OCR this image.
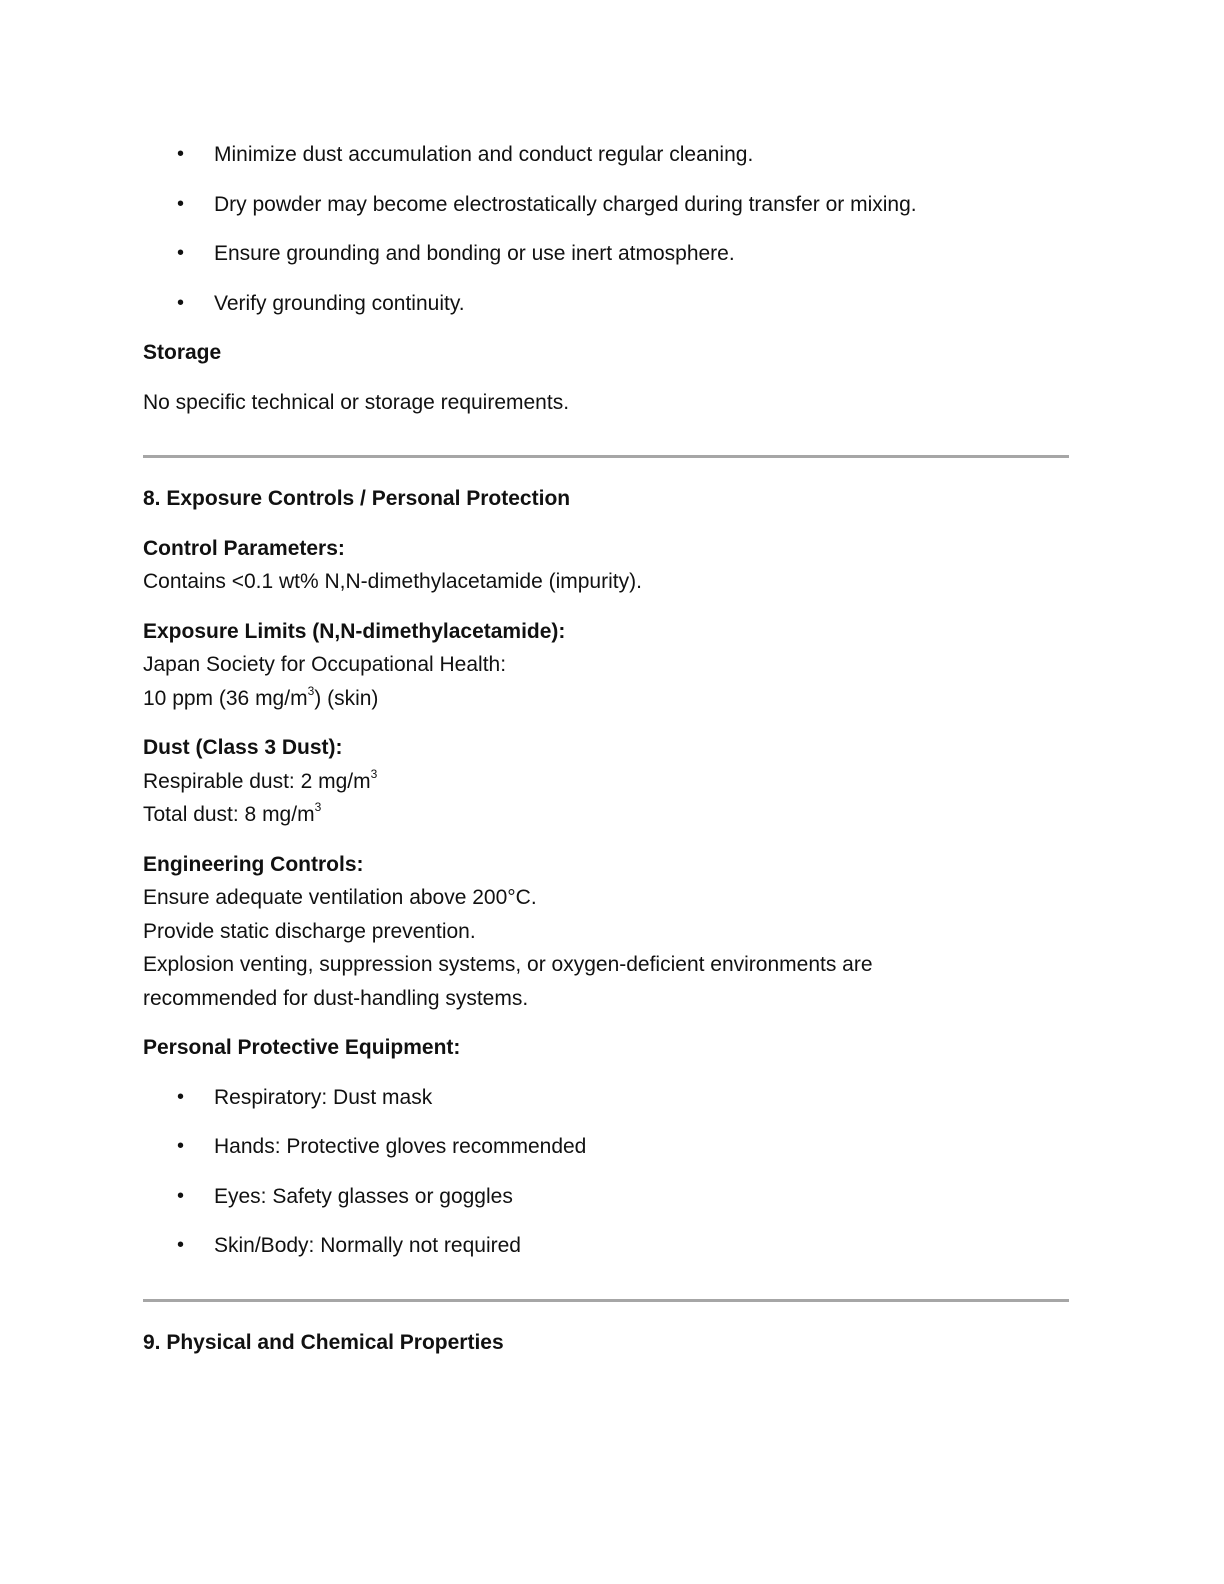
• Minimize dust accumulation and conduct regular cleaning.
• Dry powder may become electrostatically charged during transfer or mixing.
• Ensure grounding and bonding or use inert atmosphere.
• Verify grounding continuity.

Storage

No specific technical or storage requirements.

8. Exposure Controls / Personal Protection

Control Parameters:

Contains <0.1 wt% N,N-dimethylacetamide (impurity).

Exposure Limits (N,N-dimethylacetamide):

Japan Society for Occupational Health:

10 ppm (36 $mg/m^3$) (skin)

Dust (Class 3 Dust):

Respirable dust: 2 $mg/m^3$

Total dust: 8 $mg/m^3$

Engineering Controls:

Ensure adequate ventilation above 200°C.

Provide static discharge prevention.

Explosion venting, suppression systems, or oxygen-deficient environments are

recommended for dust-handling systems.

Personal Protective Equipment:

• Respiratory: Dust mask
• Hands: Protective gloves recommended
• Eyes: Safety glasses or goggles
• Skin/Body: Normally not required

9. Physical and Chemical Properties
